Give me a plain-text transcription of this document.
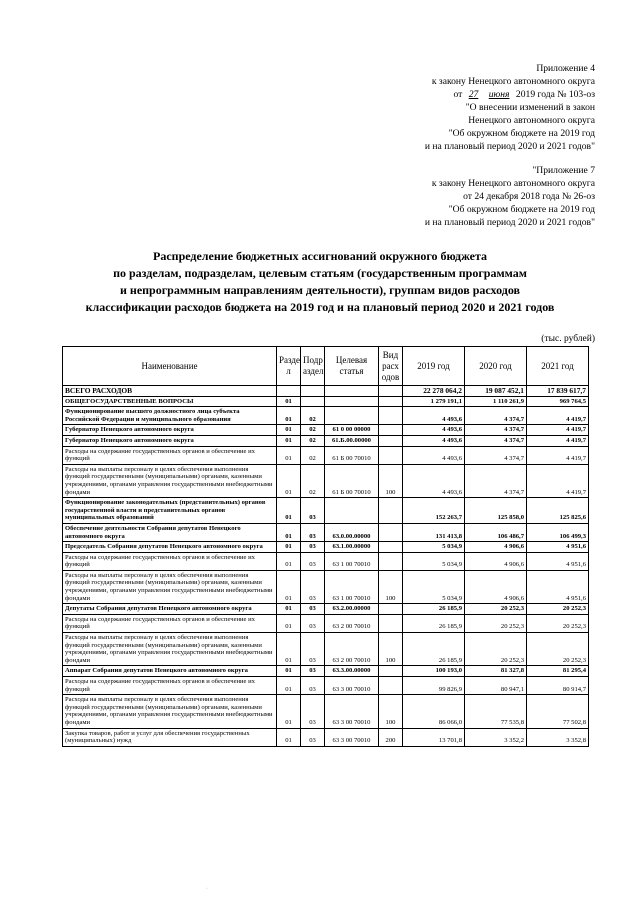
Приложение 4
к закону Ненецкого автономного округа
от 27 июня 2019 года № 103-оз
"О внесении изменений в закон
Ненецкого автономного округа
"Об окружном бюджете на 2019 год
и на плановый период 2020 и 2021 годов"
"Приложение 7
к закону Ненецкого автономного округа
от 24 декабря 2018 года № 26-оз
"Об окружном бюджете на 2019 год
и на плановый период 2020 и 2021 годов"
Распределение бюджетных ассигнований окружного бюджета
по разделам, подразделам, целевым статьям (государственным программам
и непрограммным направлениям деятельности), группам видов расходов
классификации расходов бюджета на 2019 год и на плановый период 2020 и 2021 годов
(тыс. рублей)
Наименование	Разде л	Подр аздел	Целевая статья	Вид расх одов	2019 год	2020 год	2021 год
ВСЕГО РАСХОДОВ					22 278 064,2	19 087 452,1	17 839 617,7
ОБЩЕГОСУДАРСТВЕННЫЕ ВОПРОСЫ	01				1 279 191,1	1 110 261,9	969 764,5
Функционирование высшего должностного лица субъекта Российской Федерации и муниципального образования	01	02			4 493,6	4 374,7	4 419,7
Губернатор Ненецкого автономного округа	01	02	61 0 00 00000		4 493,6	4 374,7	4 419,7
Губернатор Ненецкого автономного округа	01	02	61.Б.00.00000		4 493,6	4 374,7	4 419,7
Расходы на содержание государственных органов и обеспечение их функций	01	02	61 Б 00 70010		4 493,6	4 374,7	4 419,7
Расходы на выплаты персоналу в целях обеспечения выполнения функций государственными (муниципальными) органами, казенными учреждениями, органами управления государственными внебюджетными фондами	01	02	61 Б 00 70010	100	4 493,6	4 374,7	4 419,7
Функционирование законодательных (представительных) органов государственной власти и представительных органов муниципальных образований	01	03			152 263,7	125 858,0	125 825,6
Обеспечение деятельности Собрания депутатов Ненецкого автономного округа	01	03	63.0.00.00000		131 413,8	106 486,7	106 499,3
Председатель Собрания депутатов Ненецкого автономного округа	01	03	63.1.00.00000		5 034,9	4 906,6	4 951,6
Расходы на содержание государственных органов и обеспечение их функций	01	03	63 1 00 70010		5 034,9	4 906,6	4 951,6
Расходы на выплаты персоналу в целях обеспечения выполнения функций государственными (муниципальными) органами, казенными учреждениями, органами управления государственными внебюджетными фондами	01	03	63 1 00 70010	100	5 034,9	4 906,6	4 951,6
Депутаты Собрания депутатов Ненецкого автономного округа	01	03	63.2.00.00000		26 185,9	20 252,3	20 252,3
Расходы на содержание государственных органов и обеспечение их функций	01	03	63 2 00 70010		26 185,9	20 252,3	20 252,3
Расходы на выплаты персоналу в целях обеспечения выполнения функций государственными (муниципальными) органами, казенными учреждениями, органами управления государственными внебюджетными фондами	01	03	63 2 00 70010	100	26 185,9	20 252,3	20 252,3
Аппарат Собрания депутатов Ненецкого автономного округа	01	03	63.3.00.00000		100 193,0	81 327,8	81 295,4
Расходы на содержание государственных органов и обеспечение их функций	01	03	63 3 00 70010		99 826,9	80 947,1	80 914,7
Расходы на выплаты персоналу в целях обеспечения выполнения функций государственными (муниципальными) органами, казенными учреждениями, органами управления государственными внебюджетными фондами	01	03	63 3 00 70010	100	86 066,0	77 535,8	77 502,8
Закупка товаров, работ и услуг для обеспечения государственных (муниципальных) нужд	01	03	63 3 00 70010	200	13 701,8	3 352,2	3 352,8
·
